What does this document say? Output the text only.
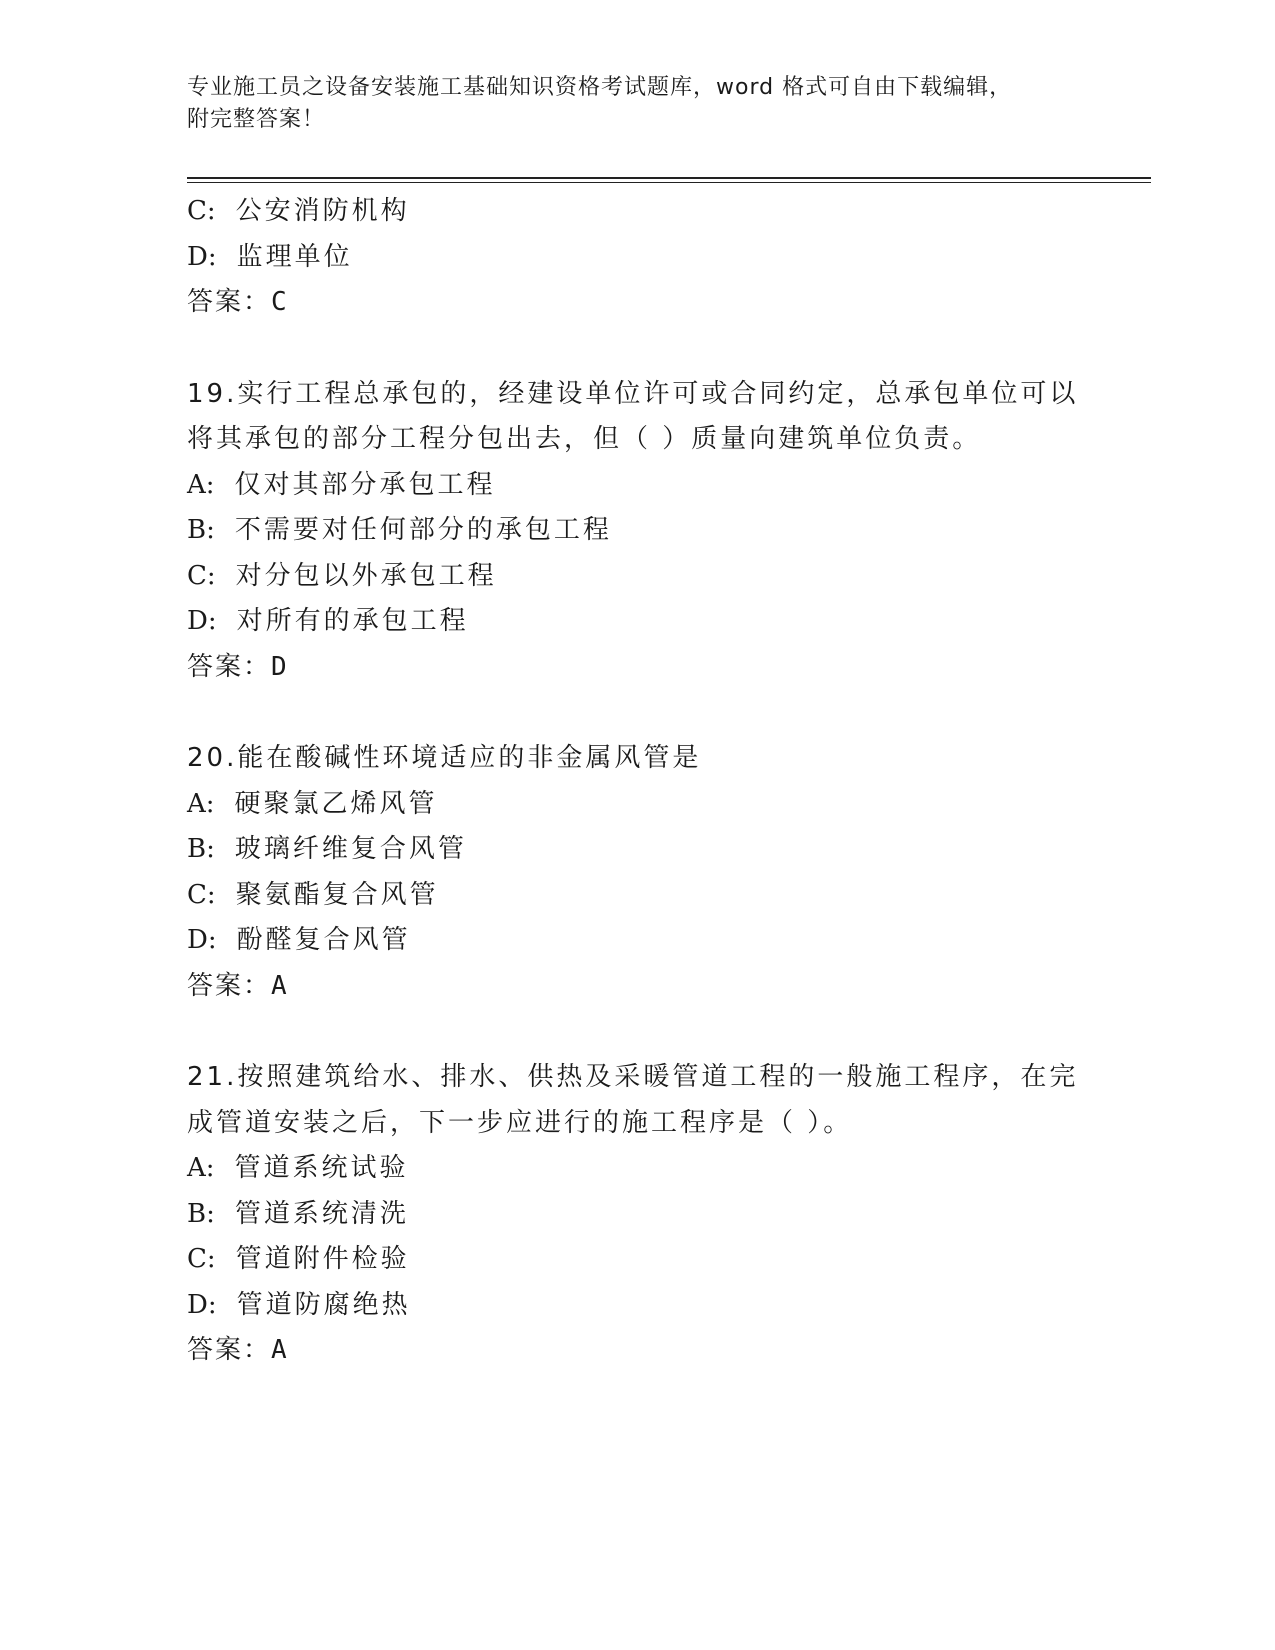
专业施工员之设备安装施工基础知识资格考试题库，word 格式可自由下载编辑，
附完整答案！
C: 公安消防机构
D: 监理单位
答案：C
19.实行工程总承包的，经建设单位许可或合同约定，总承包单位可以
将其承包的部分工程分包出去，但（ ）质量向建筑单位负责。
A: 仅对其部分承包工程
B: 不需要对任何部分的承包工程
C: 对分包以外承包工程
D: 对所有的承包工程
答案：D
20.能在酸碱性环境适应的非金属风管是
A: 硬聚氯乙烯风管
B: 玻璃纤维复合风管
C: 聚氨酯复合风管
D: 酚醛复合风管
答案：A
21.按照建筑给水、排水、供热及采暖管道工程的一般施工程序，在完
成管道安装之后，下一步应进行的施工程序是（ ）。
A: 管道系统试验
B: 管道系统清洗
C: 管道附件检验
D: 管道防腐绝热
答案：A
